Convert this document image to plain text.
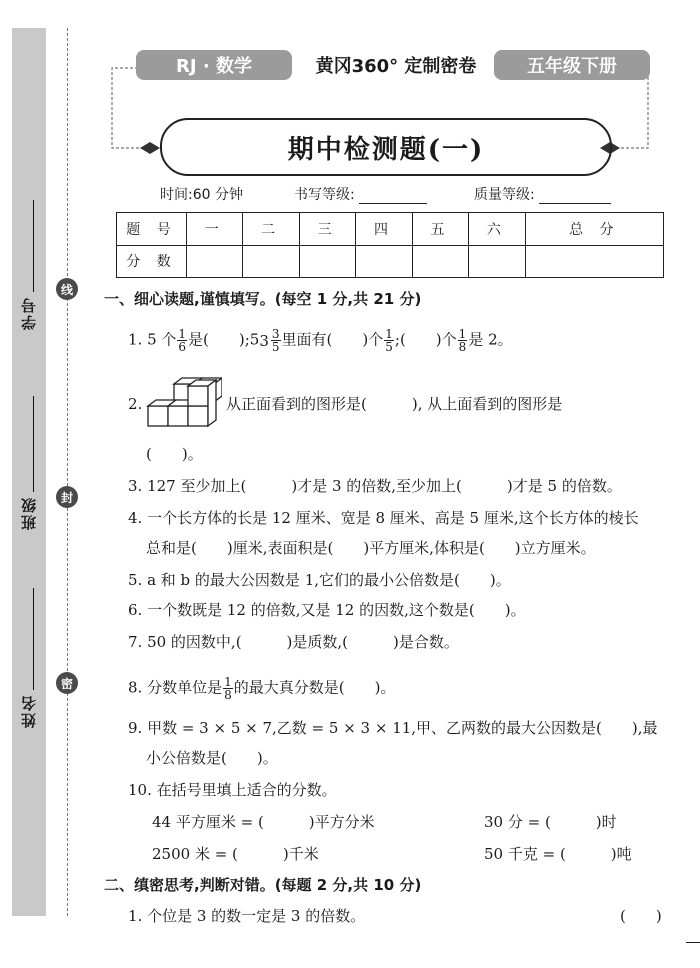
学号
班级
姓名
线
封
密
RJ · 数学	黄冈360° 定制密卷	五年级下册
期中检测题(一)
时间:60 分钟	书写等级:	质量等级:
题 号	一	二	三	四	五	六	总 分
分 数							
一、细心读题,谨慎填写。(每空 1 分,共 21 分)
1. 5 个 $\frac{1}{6}$ 是(　　);5 $3 \frac{3}{5}$ 里面有(　　)个 $\frac{1}{5}$ ;(　　)个 $\frac{1}{8}$ 是 2。
2.	从正面看到的图形是(　　　), 从上面看到的图形是
(　　)。
3. 127 至少加上(　　　)才是 3 的倍数,至少加上(　　　)才是 5 的倍数。
4. 一个长方体的长是 12 厘米、宽是 8 厘米、高是 5 厘米,这个长方体的棱长
总和是(　　)厘米,表面积是(　　)平方厘米,体积是(　　)立方厘米。
5. a 和 b 的最大公因数是 1,它们的最小公倍数是(　　)。
6. 一个数既是 12 的倍数,又是 12 的因数,这个数是(　　)。
7. 50 的因数中,(　　　)是质数,(　　　)是合数。
8. 分数单位是 $\frac{1}{8}$ 的最大真分数是(　　)。
9. 甲数 = 3 × 5 × 7,乙数 = 5 × 3 × 11,甲、乙两数的最大公因数是(　　),最
小公倍数是(　　)。
10. 在括号里填上适合的分数。
44 平方厘米 = (　　　)平方分米	30 分 = (　　　)时
2500 米 = (　　　)千米	50 千克 = (　　　)吨
二、缜密思考,判断对错。(每题 2 分,共 10 分)
1. 个位是 3 的数一定是 3 的倍数。	(　　)
